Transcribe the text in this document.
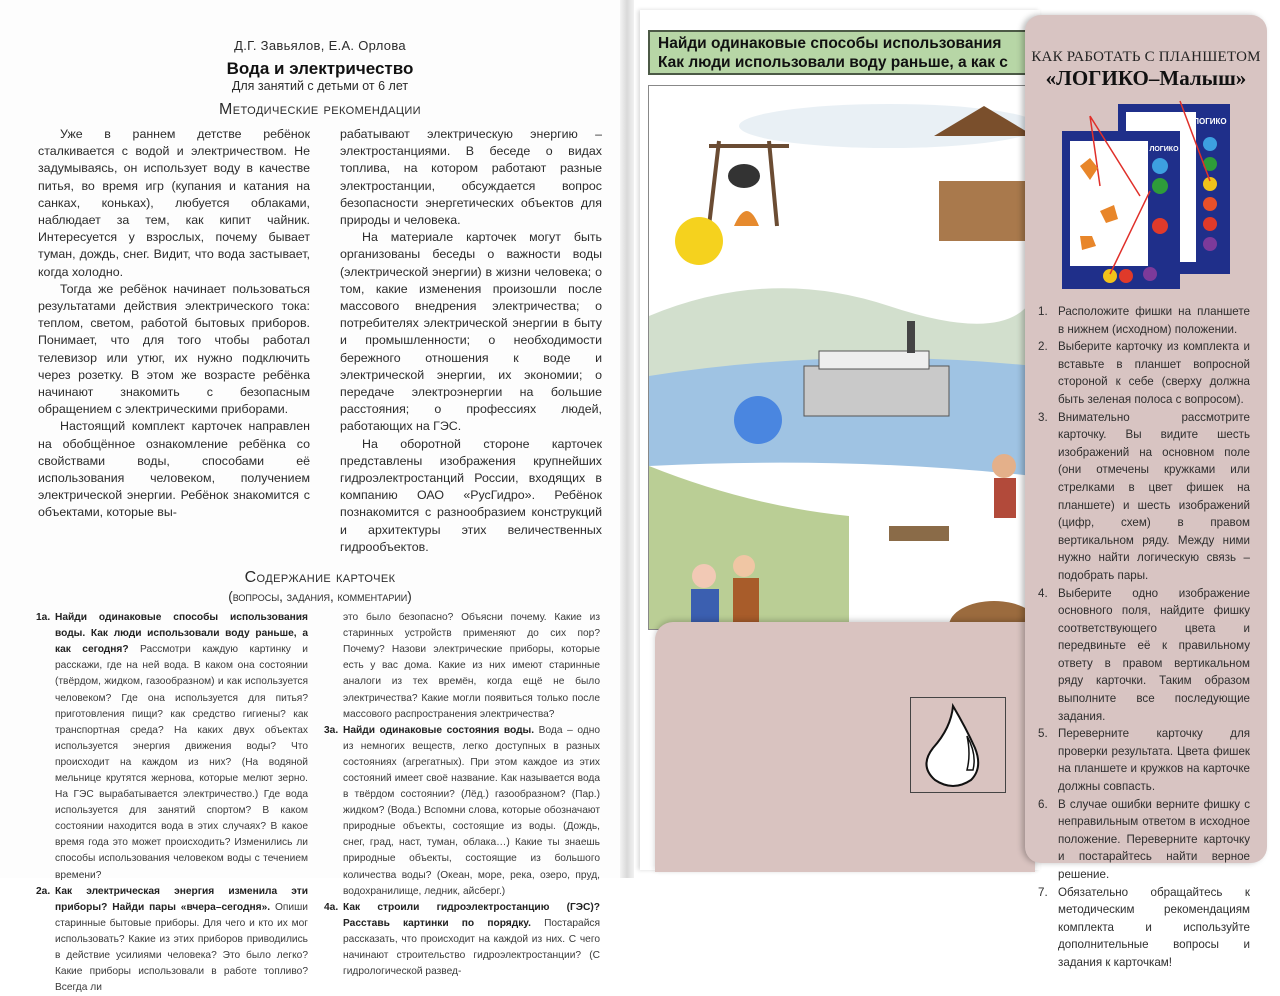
Д.Г. Завьялов, Е.А. Орлова
Вода и электричество
Для занятий с детьми от 6 лет
Методические рекомендации

Уже в раннем детстве ребёнок сталкивается с водой и электричеством. Не задумываясь, он использует воду в качестве питья, во время игр (купания и катания на санках, коньках), любуется облаками, наблюдает за тем, как кипит чайник. Интересуется у взрослых, почему бывает туман, дождь, снег. Видит, что вода застывает, когда холодно.

Тогда же ребёнок начинает пользоваться результатами действия электрического тока: теплом, светом, работой бытовых приборов. Понимает, что для того чтобы работал телевизор или утюг, их нужно подключить через розетку. В этом же возрасте ребёнка начинают знакомить с безопасным обращением с электрическими приборами.

Настоящий комплект карточек направлен на обобщённое ознакомление ребёнка со свойствами воды, способами её использования человеком, получением электрической энергии. Ребёнок знакомится с объектами, которые вы-

рабатывают электрическую энергию – электростанциями. В беседе о видах топлива, на котором работают разные электростанции, обсуждается вопрос безопасности энергетических объектов для природы и человека.

На материале карточек могут быть организованы беседы о важности воды (электрической энергии) в жизни человека; о том, какие изменения произошли после массового внедрения электричества; о потребителях электрической энергии в быту и промышленности; о необходимости бережного отношения к воде и электрической энергии, их экономии; о передаче электроэнергии на большие расстояния; о профессиях людей, работающих на ГЭС.

На оборотной стороне карточек представлены изображения крупнейших гидроэлектростанций России, входящих в компанию ОАО «РусГидро». Ребёнок познакомится с разнообразием конструкций и архитектуры этих величественных гидрообъектов.

Содержание карточек
(вопросы, задания, комментарии)
1а. Найди одинаковые способы использования воды. Как люди использовали воду раньше, а как сегодня? Рассмотри каждую картинку и расскажи, где на ней вода. В каком она состоянии (твёрдом, жидком, газообразном) и как используется человеком? Где она используется для питья? приготовления пищи? как средство гигиены? как транспортная среда? На каких двух объектах используется энергия движения воды? Что происходит на каждом из них? (На водяной мельнице крутятся жернова, которые мелют зерно. На ГЭС вырабатывается электричество.) Где вода используется для занятий спортом? В каком состоянии находится вода в этих случаях? В какое время года это может происходить? Изменились ли способы использования человеком воды с течением времени?
2а. Как электрическая энергия изменила эти приборы? Найди пары «вчера–сегодня». Опиши старинные бытовые приборы. Для чего и кто их мог использовать? Какие из этих приборов приводились в действие усилиями человека? Это было легко? Какие приборы использовали в работе топливо? Всегда ли
это было безопасно? Объясни почему. Какие из старинных устройств применяют до сих пор? Почему? Назови электрические приборы, которые есть у вас дома. Какие из них имеют старинные аналоги из тех времён, когда ещё не было электричества? Какие могли появиться только после массового распространения электричества?
3а. Найди одинаковые состояния воды. Вода – одно из немногих веществ, легко доступных в разных состояниях (агрегатных). При этом каждое из этих состояний имеет своё название. Как называется вода в твёрдом состоянии? (Лёд.) газообразном? (Пар.) жидком? (Вода.) Вспомни слова, которые обозначают природные объекты, состоящие из воды. (Дождь, снег, град, наст, туман, облака…) Какие ты знаешь природные объекты, состоящие из большого количества воды? (Океан, море, река, озеро, пруд, водохранилище, ледник, айсберг.)
4а. Как строили гидроэлектростанцию (ГЭС)? Расставь картинки по порядку. Постарайся рассказать, что происходит на каждой из них. С чего начинают строительство гидроэлектростанции? (С гидрологической развед-
Найди одинаковые способы использования
Как люди использовали воду раньше, а как с	КАК РАБОТАТЬ С ПЛАНШЕТОМ
«ЛОГИКО–Малыш»
ЛОГИКО
ЛОГИКО
1. Расположите фишки на планшете в нижнем (исходном) положении.
2. Выберите карточку из комплекта и вставьте в планшет вопросной стороной к себе (сверху должна быть зеленая полоса с вопросом).
3. Внимательно рассмотрите карточку. Вы видите шесть изображений на основном поле (они отмечены кружками или стрелками в цвет фишек на планшете) и шесть изображений (цифр, схем) в правом вертикальном ряду. Между ними нужно найти логическую связь – подобрать пары.
4. Выберите одно изображение основного поля, найдите фишку соответствующего цвета и передвиньте её к правильному ответу в правом вертикальном ряду карточки. Таким образом выполните все последующие задания.
5. Переверните карточку для проверки результата. Цвета фишек на планшете и кружков на карточке должны совпасть.
6. В случае ошибки верните фишку с неправильным ответом в исходное положение. Переверните карточку и постарайтесь найти верное решение.
7. Обязательно обращайтесь к методическим рекомендациям комплекта и используйте дополнительные вопросы и задания к карточкам!
